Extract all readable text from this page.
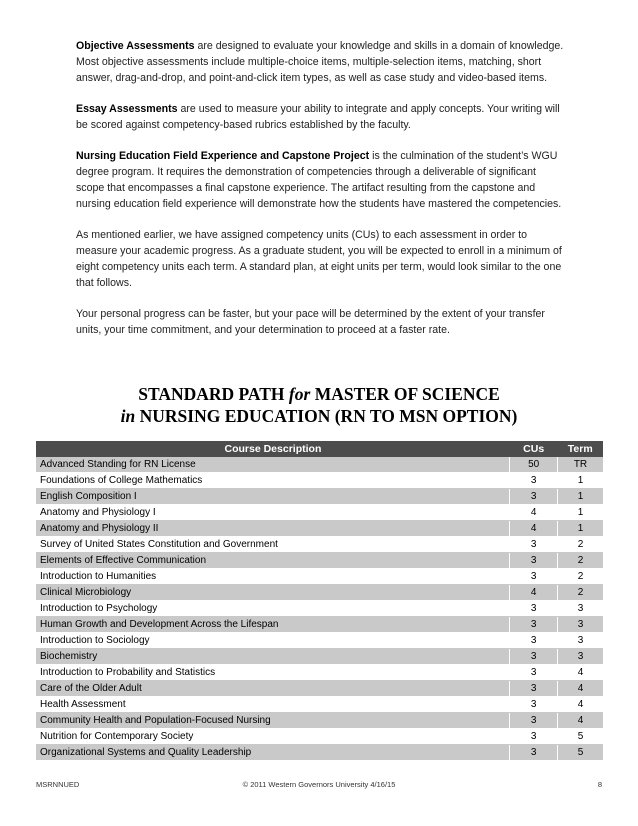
Objective Assessments are designed to evaluate your knowledge and skills in a domain of knowledge. Most objective assessments include multiple-choice items, multiple-selection items, matching, short answer, drag-and-drop, and point-and-click item types, as well as case study and video-based items.

Essay Assessments are used to measure your ability to integrate and apply concepts. Your writing will be scored against competency-based rubrics established by the faculty.

Nursing Education Field Experience and Capstone Project is the culmination of the student’s WGU degree program. It requires the demonstration of competencies through a deliverable of significant scope that encompasses a final capstone experience. The artifact resulting from the capstone and nursing education field experience will demonstrate how the students have mastered the competencies.

As mentioned earlier, we have assigned competency units (CUs) to each assessment in order to measure your academic progress. As a graduate student, you will be expected to enroll in a minimum of eight competency units each term. A standard plan, at eight units per term, would look similar to the one that follows.

Your personal progress can be faster, but your pace will be determined by the extent of your transfer units, your time commitment, and your determination to proceed at a faster rate.

STANDARD PATH for MASTER OF SCIENCE
in NURSING EDUCATION (RN TO MSN OPTION)
Course Description	CUs	Term
Advanced Standing for RN License	50	TR
Foundations of College Mathematics	3	1
English Composition I	3	1
Anatomy and Physiology I	4	1
Anatomy and Physiology II	4	1
Survey of United States Constitution and Government	3	2
Elements of Effective Communication	3	2
Introduction to Humanities	3	2
Clinical Microbiology	4	2
Introduction to Psychology	3	3
Human Growth and Development Across the Lifespan	3	3
Introduction to Sociology	3	3
Biochemistry	3	3
Introduction to Probability and Statistics	3	4
Care of the Older Adult	3	4
Health Assessment	3	4
Community Health and Population-Focused Nursing	3	4
Nutrition for Contemporary Society	3	5
Organizational Systems and Quality Leadership	3	5
MSRNNUED	© 2011 Western Governors University 4/16/15	8
